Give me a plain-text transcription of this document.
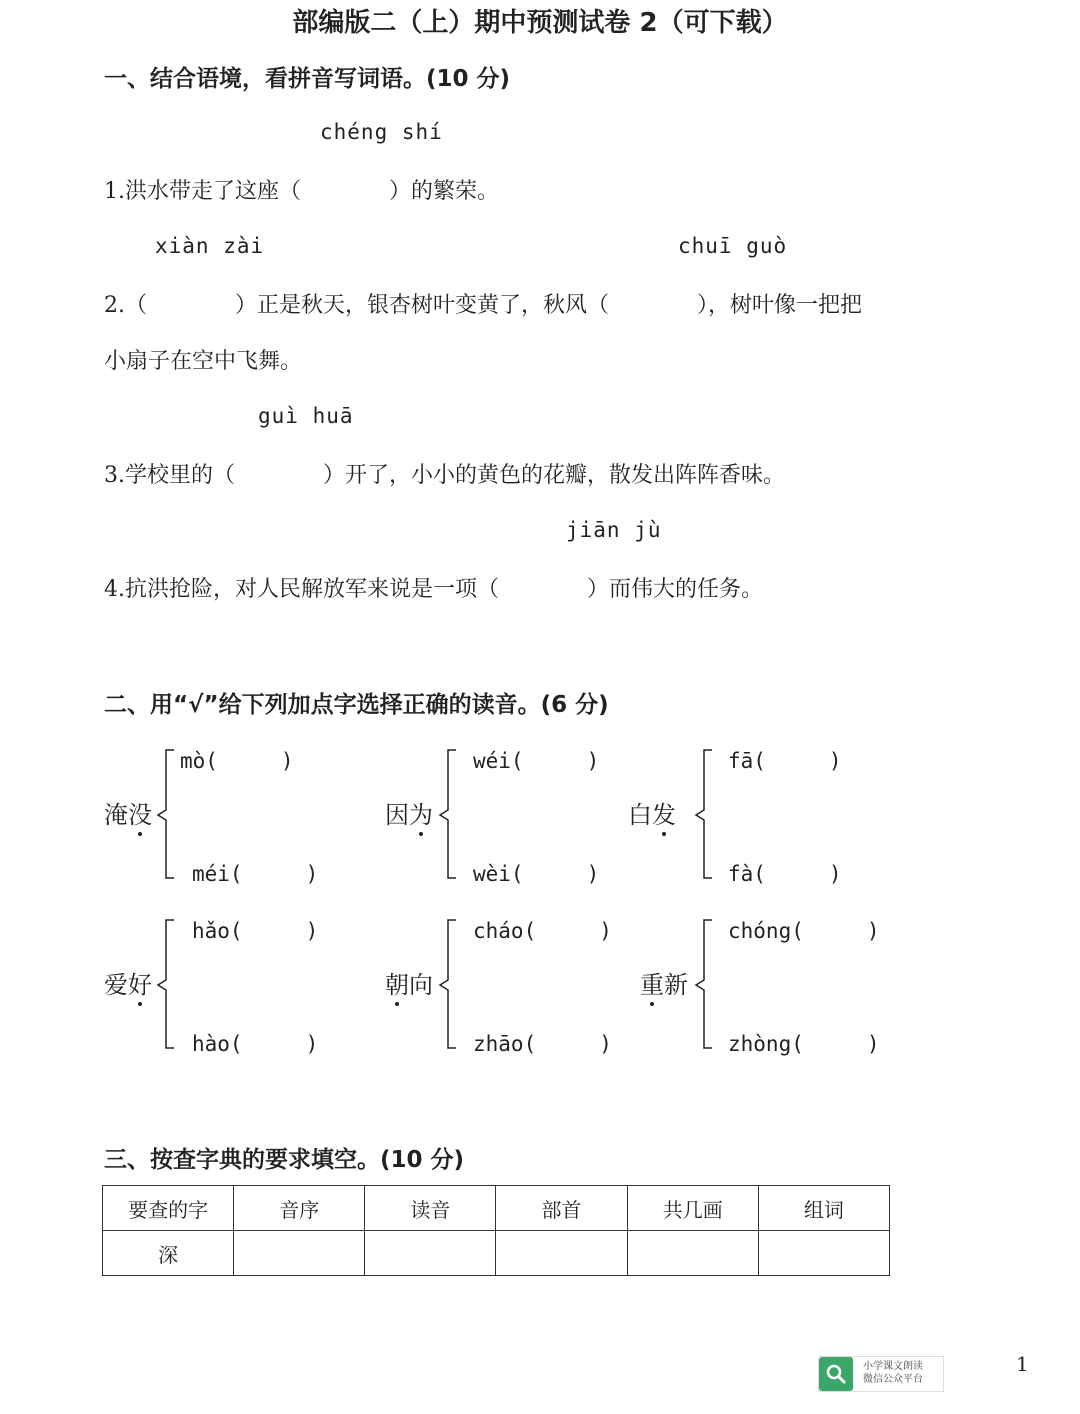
部编版二（上）期中预测试卷 2（可下载）
一、结合语境，看拼音写词语。(10 分)
chéng shí
1.洪水带走了这座（　　　　）的繁荣。
xiàn zài	chuī guò
2.（　　　　）正是秋天，银杏树叶变黄了，秋风（　　　　），树叶像一把把
小扇子在空中飞舞。
guì huā
3.学校里的（　　　　）开了，小小的黄色的花瓣，散发出阵阵香味。
jiān jù
4.抗洪抢险，对人民解放军来说是一项（　　　　）而伟大的任务。
二、用“√”给下列加点字选择正确的读音。(6 分)
淹没
mò(　　　)
méi(　　　)
因为
wéi(　　　)
wèi(　　　)
白发
fā(　　　)
fà(　　　)
爱好
hǎo(　　　)
hào(　　　)
朝向
cháo(　　　)
zhāo(　　　)
重新
chóng(　　　)
zhòng(　　　)
三、按查字典的要求填空。(10 分)
要查的字	音序	读音	部首	共几画	组词
深					
小学课文朗读
微信公众平台
1
